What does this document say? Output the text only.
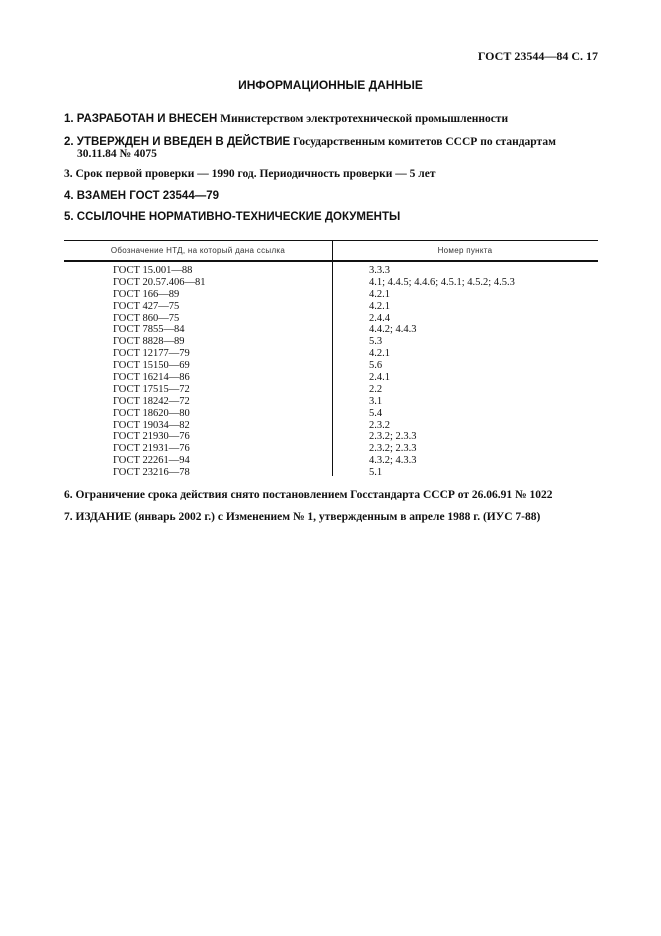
ГОСТ 23544—84 С. 17
ИНФОРМАЦИОННЫЕ ДАННЫЕ
1. РАЗРАБОТАН И ВНЕСЕН Министерством электротехнической промышленности
2. УТВЕРЖДЕН И ВВЕДЕН В ДЕЙСТВИЕ Государственным комитетов СССР по стандартам
30.11.84 № 4075
3. Срок первой проверки — 1990 год. Периодичность проверки — 5 лет
4. ВЗАМЕН ГОСТ 23544—79
5. ССЫЛОЧНЕ НОРМАТИВНО-ТЕХНИЧЕСКИЕ ДОКУМЕНТЫ
Обозначение НТД, на который дана ссылка	Номер пункта
ГОСТ 15.001—88	3.3.3
ГОСТ 20.57.406—81	4.1; 4.4.5; 4.4.6; 4.5.1; 4.5.2; 4.5.3
ГОСТ 166—89	4.2.1
ГОСТ 427—75	4.2.1
ГОСТ 860—75	2.4.4
ГОСТ 7855—84	4.4.2; 4.4.3
ГОСТ 8828—89	5.3
ГОСТ 12177—79	4.2.1
ГОСТ 15150—69	5.6
ГОСТ 16214—86	2.4.1
ГОСТ 17515—72	2.2
ГОСТ 18242—72	3.1
ГОСТ 18620—80	5.4
ГОСТ 19034—82	2.3.2
ГОСТ 21930—76	2.3.2; 2.3.3
ГОСТ 21931—76	2.3.2; 2.3.3
ГОСТ 22261—94	4.3.2; 4.3.3
ГОСТ 23216—78	5.1
6. Ограничение срока действия снято постановлением Госстандарта СССР от 26.06.91 № 1022
7. ИЗДАНИЕ (январь 2002 г.) с Изменением № 1, утвержденным в апреле 1988 г. (ИУС 7-88)
